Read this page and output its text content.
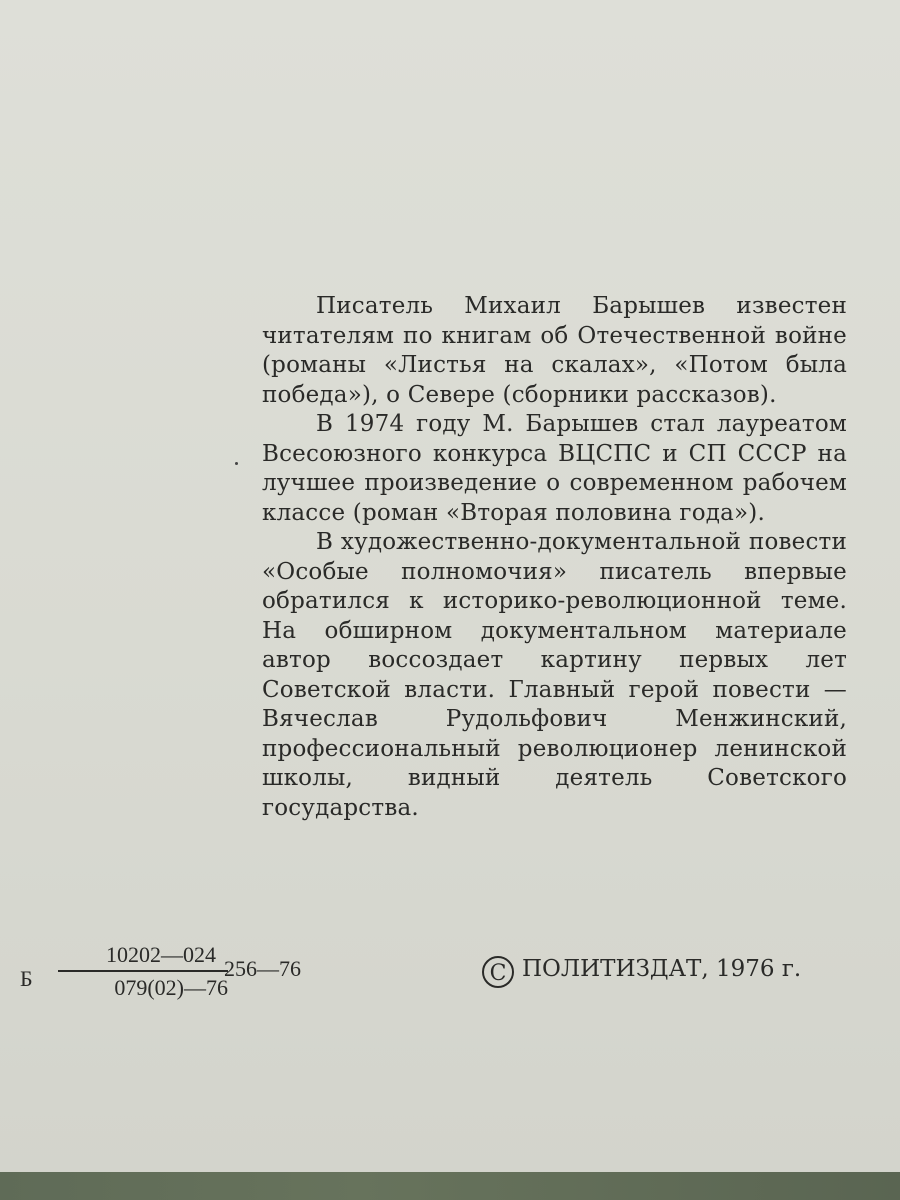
Писатель Михаил Барышев известен читателям по книгам об Отечественной войне (романы «Листья на скалах», «Потом была победа»), о Севере (сборники рассказов).

В 1974 году М. Барышев стал лауреатом Всесоюзного конкурса ВЦСПС и СП СССР на лучшее произведение о современном рабочем классе (роман «Вторая половина года»).

В художественно-документальной повести «Особые полномочия» писатель впервые обратился к историко-революционной теме. На обширном документальном материале автор воссоздает картину первых лет Советской власти. Главный герой повести — Вячеслав Рудольфович Менжинский, профессиональный революционер ленинской школы, видный деятель Советского государства.

Б
10202—024
079(02)—76
256—76	C ПОЛИТИЗДАТ, 1976 г.
